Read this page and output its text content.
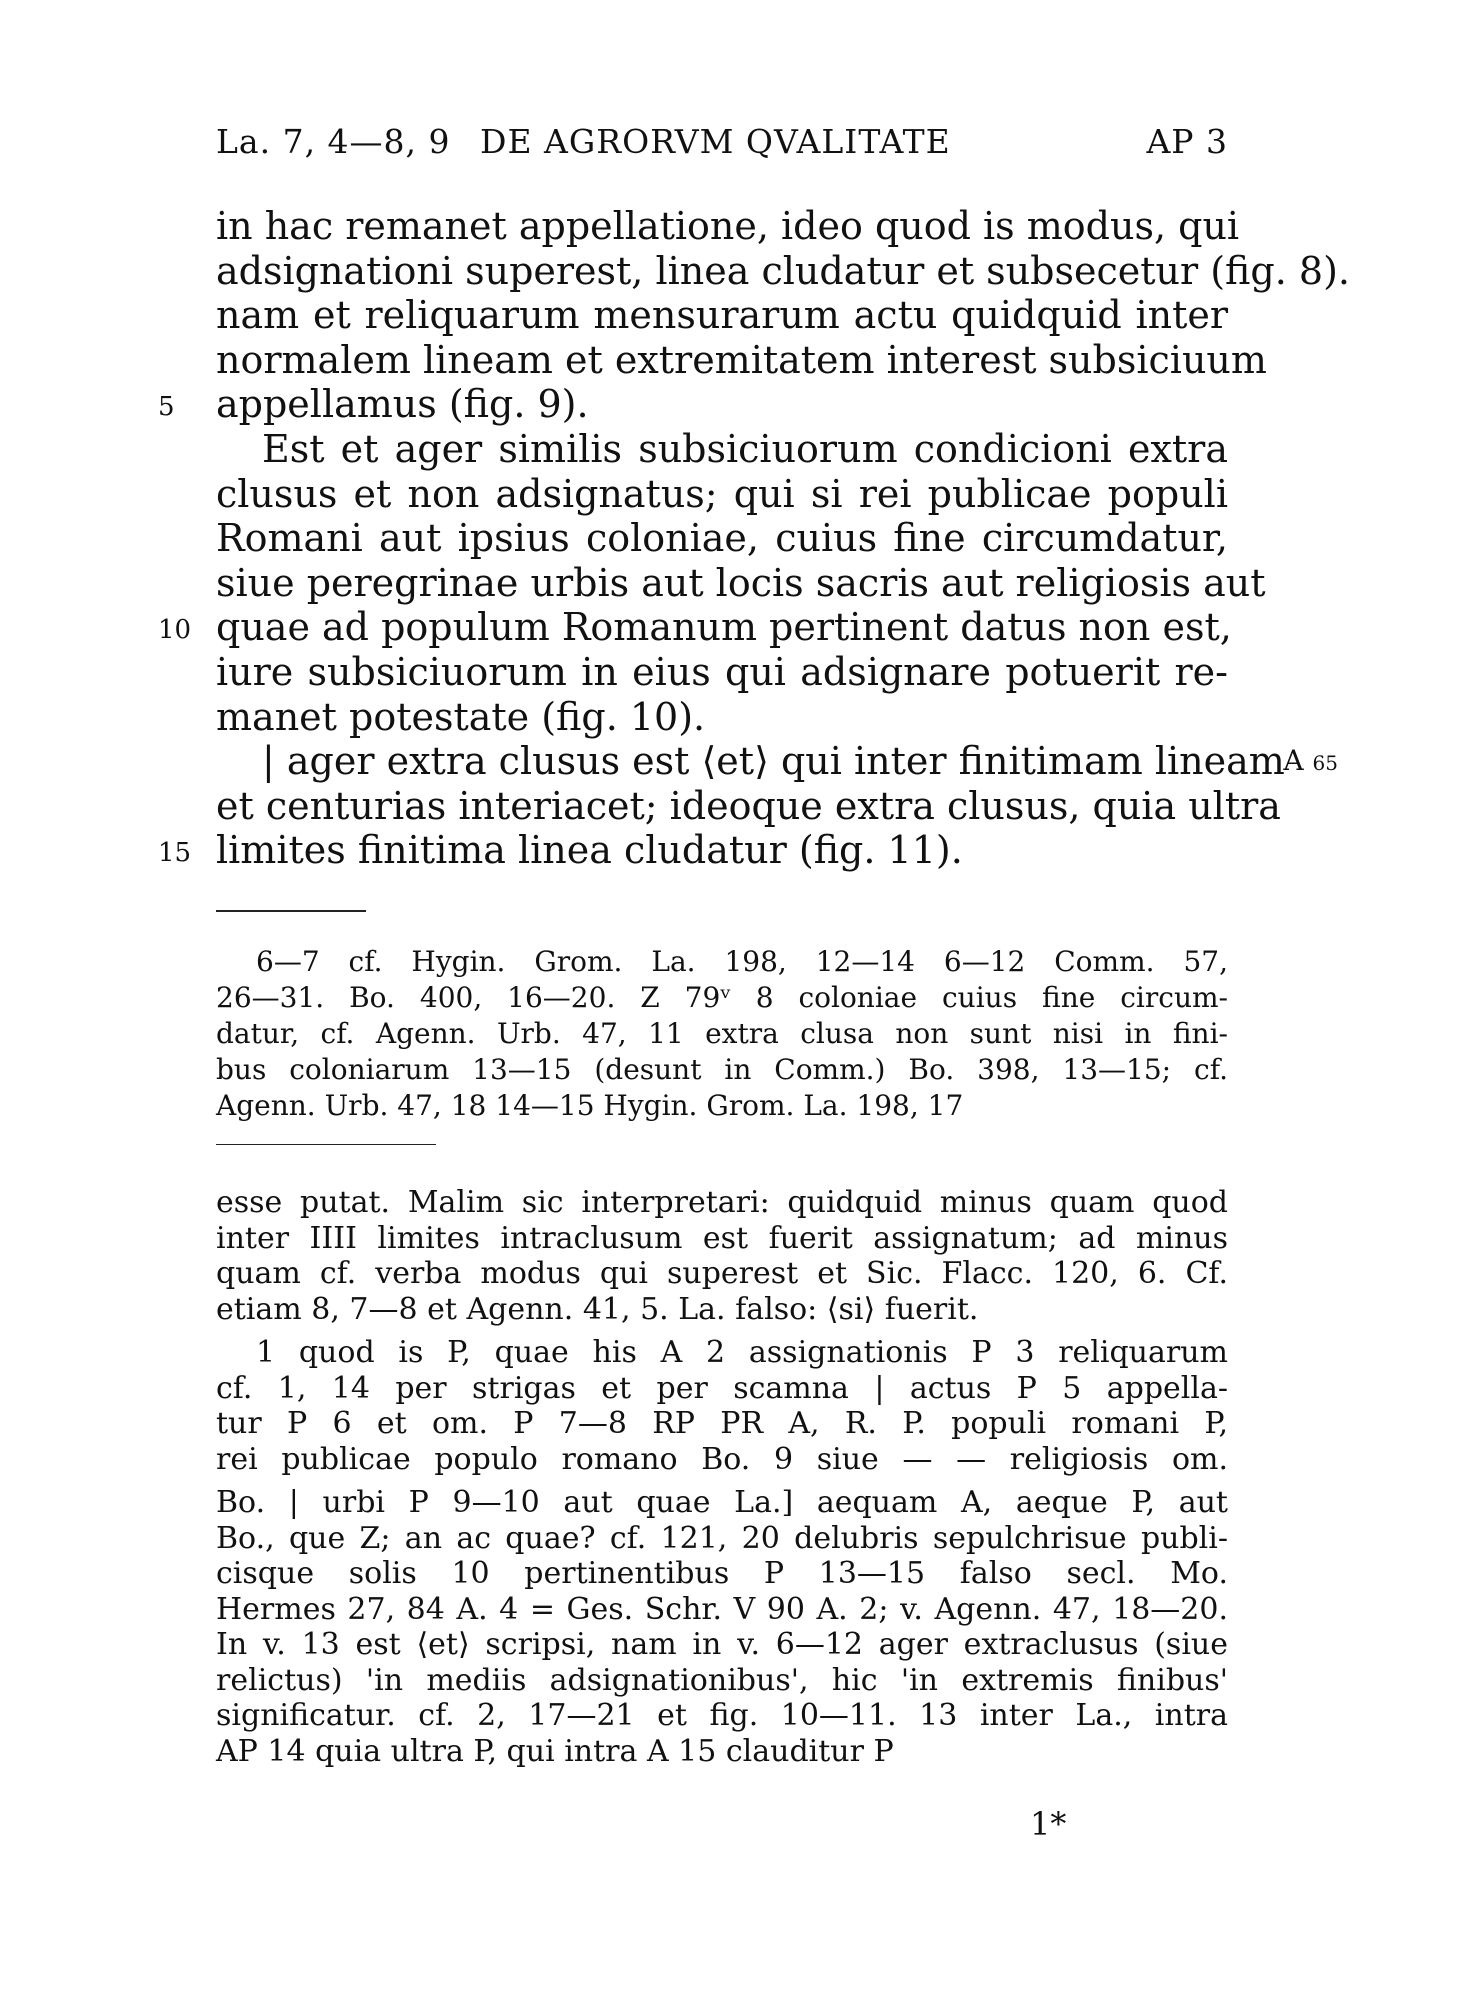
La. 7, 4—8, 9 DE AGRORVM QVALITATE	AP 3
in hac remanet appellatione, ideo quod is modus, qui
adsignationi superest, linea cludatur et subsecetur (fig. 8).
nam et reliquarum mensurarum actu quidquid inter
normalem lineam et extremitatem interest subsiciuum
5	appellamus (fig. 9).
Est et ager similis subsiciuorum condicioni extra
clusus et non adsignatus; qui si rei publicae populi
Romani aut ipsius coloniae, cuius fine circumdatur,
siue peregrinae urbis aut locis sacris aut religiosis aut
10 quae ad populum Romanum pertinent datus non est,
iure subsiciuorum in eius qui adsignare potuerit re-
manet potestate (fig. 10).
| ager extra clusus est ⟨et⟩ qui inter finitimam lineam
A 65
et centurias interiacet; ideoque extra clusus, quia ultra
15 limites finitima linea cludatur (fig. 11).
6—7 cf. Hygin. Grom. La. 198, 12—14 6—12 Comm. 57,
26—31. Bo. 400, 16—20. Z 79ᵛ 8 coloniae cuius fine circum-
datur, cf. Agenn. Urb. 47, 11 extra clusa non sunt nisi in fini-
bus coloniarum 13—15 (desunt in Comm.) Bo. 398, 13—15; cf.
Agenn. Urb. 47, 18 14—15 Hygin. Grom. La. 198, 17
esse putat. Malim sic interpretari: quidquid minus quam quod
inter IIII limites intraclusum est fuerit assignatum; ad minus
quam cf. verba modus qui superest et Sic. Flacc. 120, 6. Cf.
etiam 8, 7—8 et Agenn. 41, 5. La. falso: ⟨si⟩ fuerit.
1 quod is P, quae his A 2 assignationis P 3 reliquarum
cf. 1, 14 per strigas et per scamna | actus P 5 appella-
tur P 6 et om. P 7—8 RP PR A, R. P. populi romani P,
rei publicae populo romano Bo. 9 siue — — religiosis om.
Bo. | urbi P 9—10 aut quae La.] aequam A, aeque P, aut
Bo., que Z; an ac quae? cf. 121, 20 delubris sepulchrisue publi-
cisque solis 10 pertinentibus P 13—15 falso secl. Mo.
Hermes 27, 84 A. 4 = Ges. Schr. V 90 A. 2; v. Agenn. 47, 18—20.
In v. 13 est ⟨et⟩ scripsi, nam in v. 6—12 ager extraclusus (siue
relictus) 'in mediis adsignationibus', hic 'in extremis finibus'
significatur. cf. 2, 17—21 et fig. 10—11. 13 inter La., intra
AP 14 quia ultra P, qui intra A 15 clauditur P
1*
